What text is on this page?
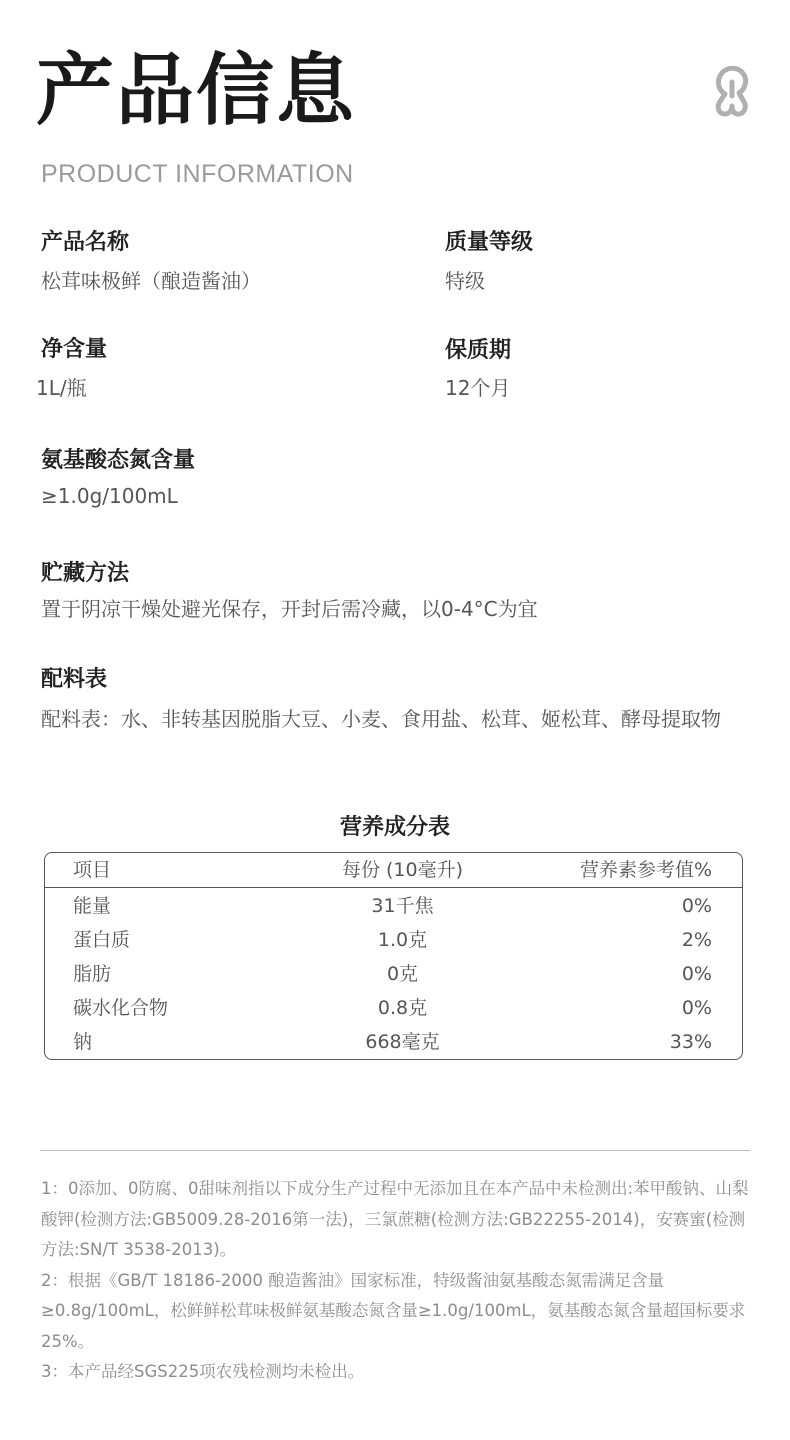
产品信息
PRODUCT INFORMATION
产品名称
松茸味极鲜（酿造酱油）
质量等级
特级
净含量
1L/瓶
保质期
12个月
氨基酸态氮含量
≥1.0g/100mL
贮藏方法
置于阴凉干燥处避光保存，开封后需冷藏，以0-4°C为宜
配料表
配料表：水、非转基因脱脂大豆、小麦、食用盐、松茸、姬松茸、酵母提取物
营养成分表
项目	每份 (10毫升)	营养素参考值%
能量	31千焦	0%
蛋白质	1.0克	2%
脂肪	0克	0%
碳水化合物	0.8克	0%
钠	668毫克	33%

1：0添加、0防腐、0甜味剂指以下成分生产过程中无添加且在本产品中未检测出:苯甲酸钠、山梨酸钾(检测方法:GB5009.28-2016第一法)，三氯蔗糖(检测方法:GB22255-2014)，安赛蜜(检测方法:SN/T 3538-2013)。

2：根据《GB/T 18186-2000 酿造酱油》国家标准，特级酱油氨基酸态氮需满足含量≥0.8g/100mL，松鲜鲜松茸味极鲜氨基酸态氮含量≥1.0g/100mL，氨基酸态氮含量超国标要求25%。

3：本产品经SGS225项农残检测均未检出。
